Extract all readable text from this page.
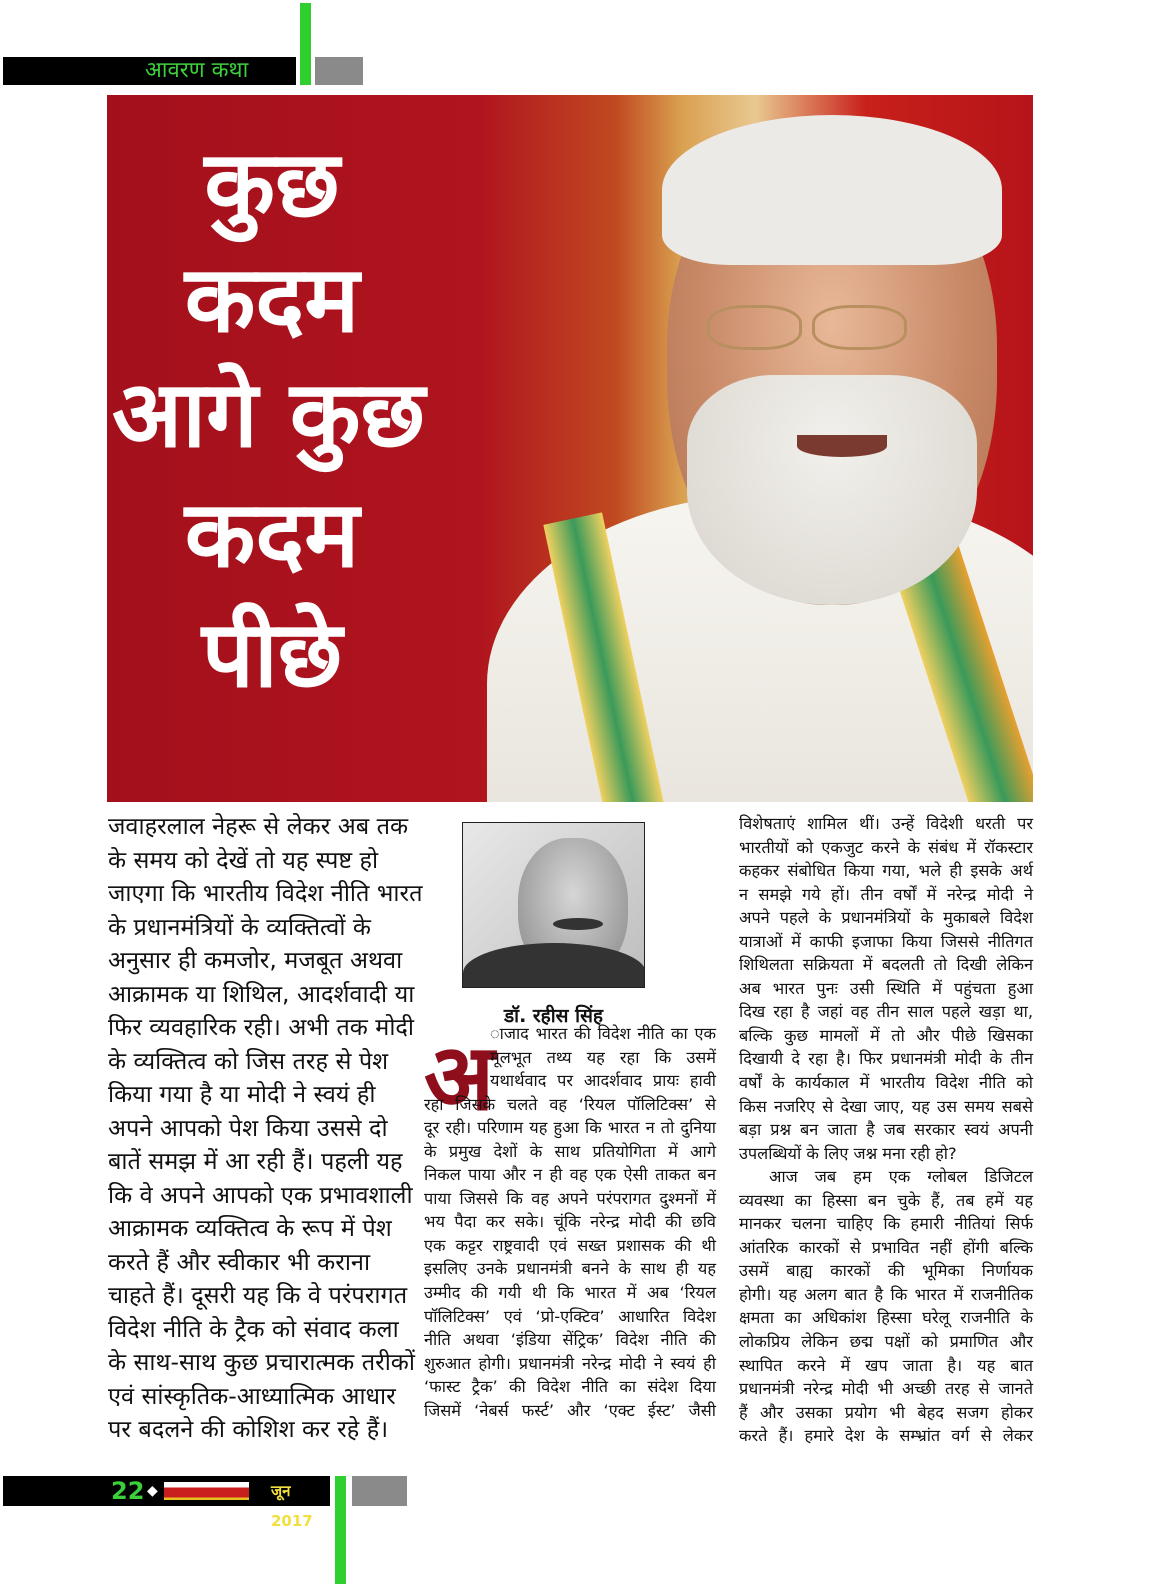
आवरण कथा
कुछ
कदम
आगे कुछ
कदम
पीछे
जवाहरलाल नेहरू से लेकर अब तक
के समय को देखें तो यह स्पष्ट हो
जाएगा कि भारतीय विदेश नीति भारत
के प्रधानमंत्रियों के व्यक्तित्वों के
अनुसार ही कमजोर, मजबूत अथवा
आक्रामक या शिथिल, आदर्शवादी या
फिर व्यवहारिक रही। अभी तक मोदी
के व्यक्तित्व को जिस तरह से पेश
किया गया है या मोदी ने स्वयं ही
अपने आपको पेश किया उससे दो
बातें समझ में आ रही हैं। पहली यह
कि वे अपने आपको एक प्रभावशाली
आक्रामक व्यक्तित्व के रूप में पेश
करते हैं और स्वीकार भी कराना
चाहते हैं। दूसरी यह कि वे परंपरागत
विदेश नीति के ट्रैक को संवाद कला
के साथ-साथ कुछ प्रचारात्मक तरीकों
एवं सांस्कृतिक-आध्यात्मिक आधार
पर बदलने की कोशिश कर रहे हैं।
डॉ. रहीस सिंह
अ
ाजाद भारत की विदेश नीति का एक
मूलभूत तथ्य यह रहा कि उसमें
यथार्थवाद पर आदर्शवाद प्रायः हावी
रहा जिसके चलते वह ‘रियल पॉलिटिक्स’ से
दूर रही। परिणाम यह हुआ कि भारत न तो दुनिया
के प्रमुख देशों के साथ प्रतियोगिता में आगे
निकल पाया और न ही वह एक ऐसी ताकत बन
पाया जिससे कि वह अपने परंपरागत दुश्मनों में
भय पैदा कर सके। चूंकि नरेन्द्र मोदी की छवि
एक कट्टर राष्ट्रवादी एवं सख्त प्रशासक की थी
इसलिए उनके प्रधानमंत्री बनने के साथ ही यह
उम्मीद की गयी थी कि भारत में अब ‘रियल
पॉलिटिक्स’ एवं ‘प्रो-एक्टिव’ आधारित विदेश
नीति अथवा ‘इंडिया सेंट्रिक’ विदेश नीति की
शुरुआत होगी। प्रधानमंत्री नरेन्द्र मोदी ने स्वयं ही
‘फास्ट ट्रैक’ की विदेश नीति का संदेश दिया
जिसमें ‘नेबर्स फर्स्ट’ और ‘एक्ट ईस्ट’ जैसी
विशेषताएं शामिल थीं। उन्हें विदेशी धरती पर
भारतीयों को एकजुट करने के संबंध में रॉकस्टार
कहकर संबोधित किया गया, भले ही इसके अर्थ
न समझे गये हों। तीन वर्षों में नरेन्द्र मोदी ने
अपने पहले के प्रधानमंत्रियों के मुकाबले विदेश
यात्राओं में काफी इजाफा किया जिससे नीतिगत
शिथिलता सक्रियता में बदलती तो दिखी लेकिन
अब भारत पुनः उसी स्थिति में पहुंचता हुआ
दिख रहा है जहां वह तीन साल पहले खड़ा था,
बल्कि कुछ मामलों में तो और पीछे खिसका
दिखायी दे रहा है। फिर प्रधानमंत्री मोदी के तीन
वर्षों के कार्यकाल में भारतीय विदेश नीति को
किस नजरिए से देखा जाए, यह उस समय सबसे
बड़ा प्रश्न बन जाता है जब सरकार स्वयं अपनी
उपलब्धियों के लिए जश्न मना रही हो?
आज जब हम एक ग्लोबल डिजिटल
व्यवस्था का हिस्सा बन चुके हैं, तब हमें यह
मानकर चलना चाहिए कि हमारी नीतियां सिर्फ
आंतरिक कारकों से प्रभावित नहीं होंगी बल्कि
उसमें बाह्य कारकों की भूमिका निर्णायक
होगी। यह अलग बात है कि भारत में राजनीतिक
क्षमता का अधिकांश हिस्सा घरेलू राजनीति के
लोकप्रिय लेकिन छद्म पक्षों को प्रमाणित और
स्थापित करने में खप जाता है। यह बात
प्रधानमंत्री नरेन्द्र मोदी भी अच्छी तरह से जानते
हैं और उसका प्रयोग भी बेहद सजग होकर
करते हैं। हमारे देश के सम्भ्रांत वर्ग से लेकर
22 ◆	जून 2017
